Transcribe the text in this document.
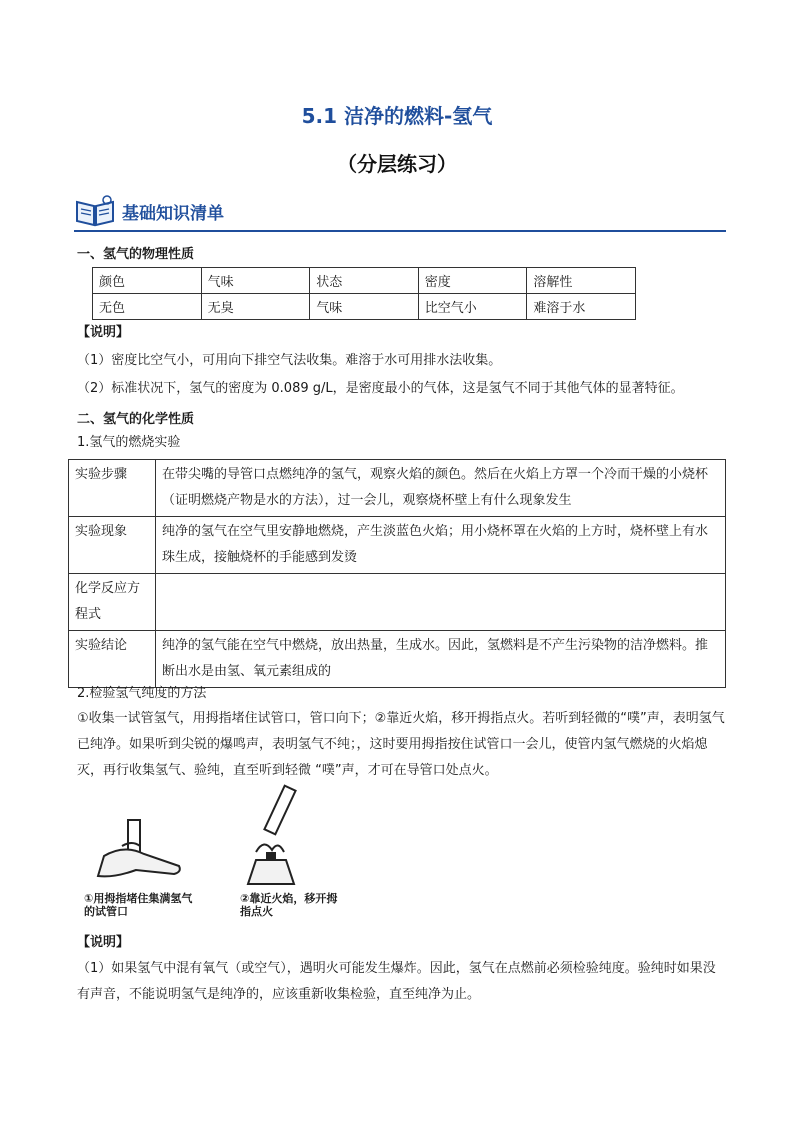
5.1 洁净的燃料-氢气
（分层练习）
基础知识清单
一、氢气的物理性质
颜色	气味	状态	密度	溶解性
无色	无臭	气味	比空气小	难溶于水
【说明】
（1）密度比空气小，可用向下排空气法收集。难溶于水可用排水法收集。
（2）标准状况下，氢气的密度为 0.089 g/L，是密度最小的气体，这是氢气不同于其他气体的显著特征。
二、氢气的化学性质
1.氢气的燃烧实验
实验步骤	在带尖嘴的导管口点燃纯净的氢气，观察火焰的颜色。然后在火焰上方罩一个冷而干燥的小烧杯（证明燃烧产物是水的方法），过一会儿，观察烧杯壁上有什么现象发生
实验现象	纯净的氢气在空气里安静地燃烧，产生淡蓝色火焰；用小烧杯罩在火焰的上方时，烧杯壁上有水珠生成，接触烧杯的手能感到发烫
化学反应方程式	
实验结论	纯净的氢气能在空气中燃烧，放出热量，生成水。因此，氢燃料是不产生污染物的洁净燃料。推断出水是由氢、氧元素组成的
2.检验氢气纯度的方法
①收集一试管氢气，用拇指堵住试管口，管口向下；②靠近火焰，移开拇指点火。若听到轻微的“噗”声，表明氢气已纯净。如果听到尖锐的爆鸣声，表明氢气不纯；，这时要用拇指按住试管口一会儿，使管内氢气燃烧的火焰熄灭，再行收集氢气、验纯，直至听到轻微 “噗”声，才可在导管口处点火。
①用拇指堵住集满氢气的试管口
②靠近火焰，移开拇指点火
【说明】
（1）如果氢气中混有氧气（或空气），遇明火可能发生爆炸。因此，氢气在点燃前必须检验纯度。验纯时如果没有声音，不能说明氢气是纯净的，应该重新收集检验，直至纯净为止。
